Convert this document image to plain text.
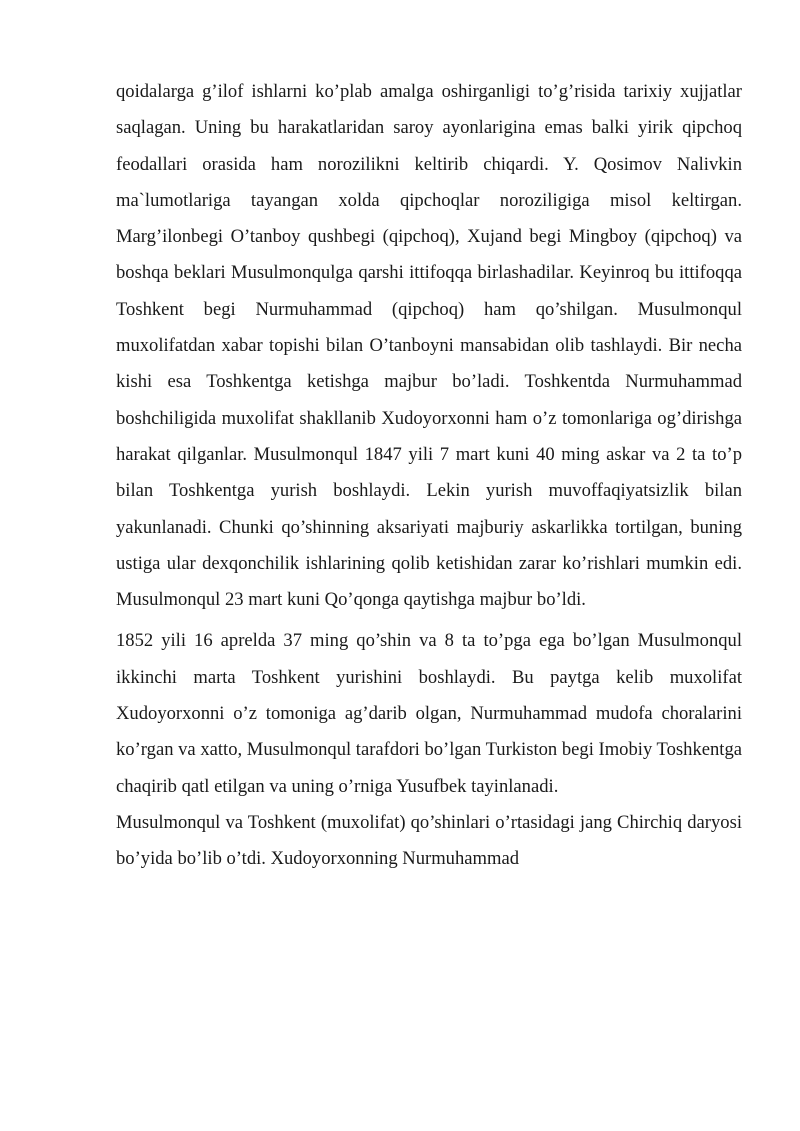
qoidalarga g’ilof ishlarni ko’plab amalga oshirganligi to’g’risida tarixiy xujjatlar saqlagan. Uning bu harakatlaridan saroy ayonlarigina emas balki yirik qipchoq feodallari orasida ham norozilikni keltirib chiqardi. Y. Qosimov Nalivkin ma`lumotlariga tayangan xolda qipchoqlar noroziligiga misol keltirgan. Marg’ilonbegi O’tanboy qushbegi (qipchoq), Xujand begi Mingboy (qipchoq) va boshqa beklari Musulmonqulga qarshi ittifoqqa birlashadilar. Keyinroq bu ittifoqqa Toshkent begi Nurmuhammad (qipchoq) ham qo’shilgan. Musulmonqul muxolifatdan xabar topishi bilan O’tanboyni mansabidan olib tashlaydi. Bir necha kishi esa Toshkentga ketishga majbur bo’ladi. Toshkentda Nurmuhammad boshchiligida muxolifat shakllanib Xudoyorxonni ham o’z tomonlariga og’dirishga harakat qilganlar. Musulmonqul 1847 yili 7 mart kuni 40 ming askar va 2 ta to’p bilan Toshkentga yurish boshlaydi. Lekin yurish muvoffaqiyatsizlik bilan yakunlanadi. Chunki qo’shinning aksariyati majburiy askarlikka tortilgan, buning ustiga ular dexqonchilik ishlarining qolib ketishidan zarar ko’rishlari mumkin edi. Musulmonqul 23 mart kuni Qo’qonga qaytishga majbur bo’ldi.

1852 yili 16 aprelda 37 ming qo’shin va 8 ta to’pga ega bo’lgan Musulmonqul ikkinchi marta Toshkent yurishini boshlaydi. Bu paytga kelib muxolifat Xudoyorxonni o’z tomoniga ag’darib olgan, Nurmuhammad mudofa choralarini ko’rgan va xatto, Musulmonqul tarafdori bo’lgan Turkiston begi Imobiy Toshkentga chaqirib qatl etilgan va uning o’rniga Yusufbek tayinlanadi.

Musulmonqul va Toshkent (muxolifat) qo’shinlari o’rtasidagi jang Chirchiq daryosi bo’yida bo’lib o’tdi. Xudoyorxonning Nurmuhammad
